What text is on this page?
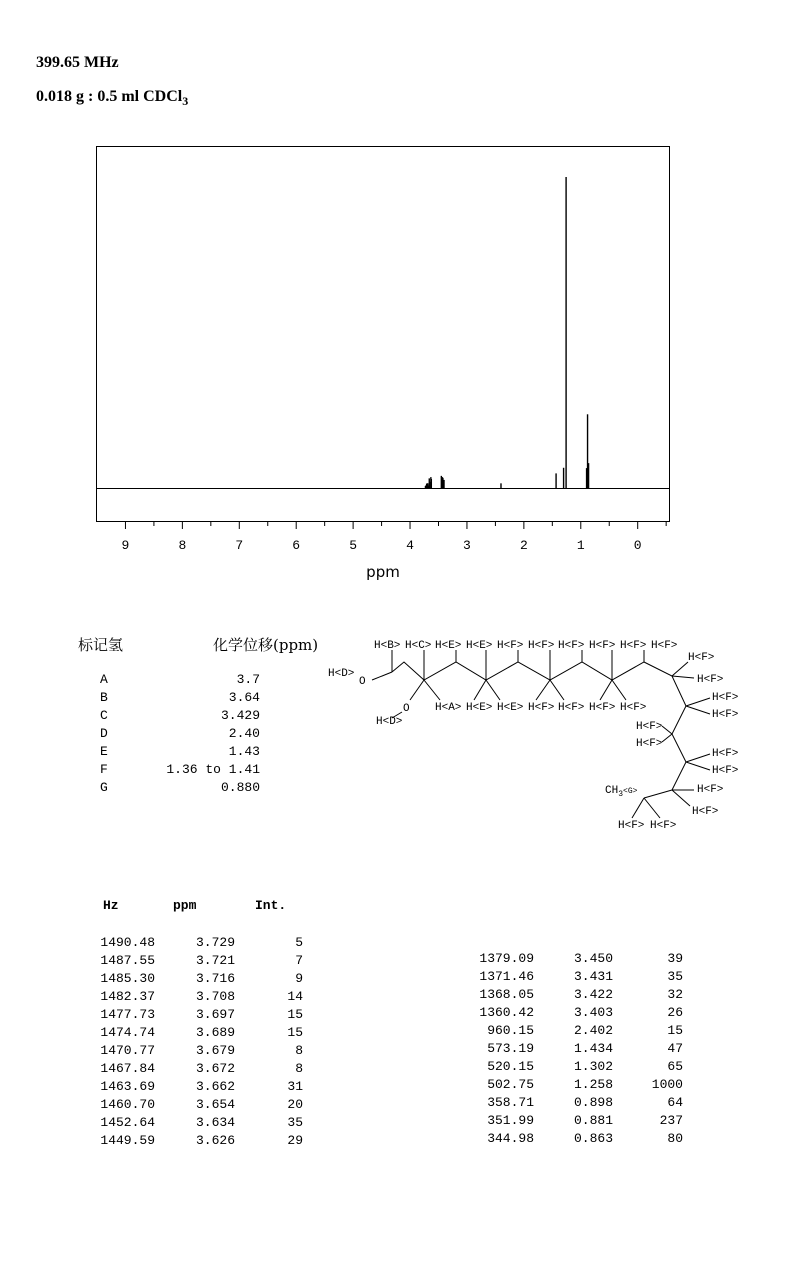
399.65 MHz
0.018 g : 0.5 ml CDCl$_3$
9	8	7	6	5	4	3	2	1	0
ppm
标记氢	化学位移(ppm)
A	3.7
B	3.64
C	3.429
D	2.40
E	1.43
F	1.36 to 1.41
G	0.880
H<B> H<C> H<E> H<E> H<F> H<F> H<F> H<F> H<F> H<F>
H<F>
H<D>
O
O
H<D>
H<A> H<E> H<E> H<F> H<F> H<F> H<F>
H<F>
H<F>
H<F>
H<F>
H<F>
H<F>
H<F>
H<F>
H<F>
$CH_3^{<G>}$
H<F> H<F>
Hz	ppm	Int.
1490.48	3.729	5
1487.55	3.721	7
1485.30	3.716	9
1482.37	3.708	14
1477.73	3.697	15
1474.74	3.689	15
1470.77	3.679	8
1467.84	3.672	8
1463.69	3.662	31
1460.70	3.654	20
1452.64	3.634	35
1449.59	3.626	29
1379.09	3.450	39
1371.46	3.431	35
1368.05	3.422	32
1360.42	3.403	26
960.15	2.402	15
573.19	1.434	47
520.15	1.302	65
502.75	1.258	1000
358.71	0.898	64
351.99	0.881	237
344.98	0.863	80
